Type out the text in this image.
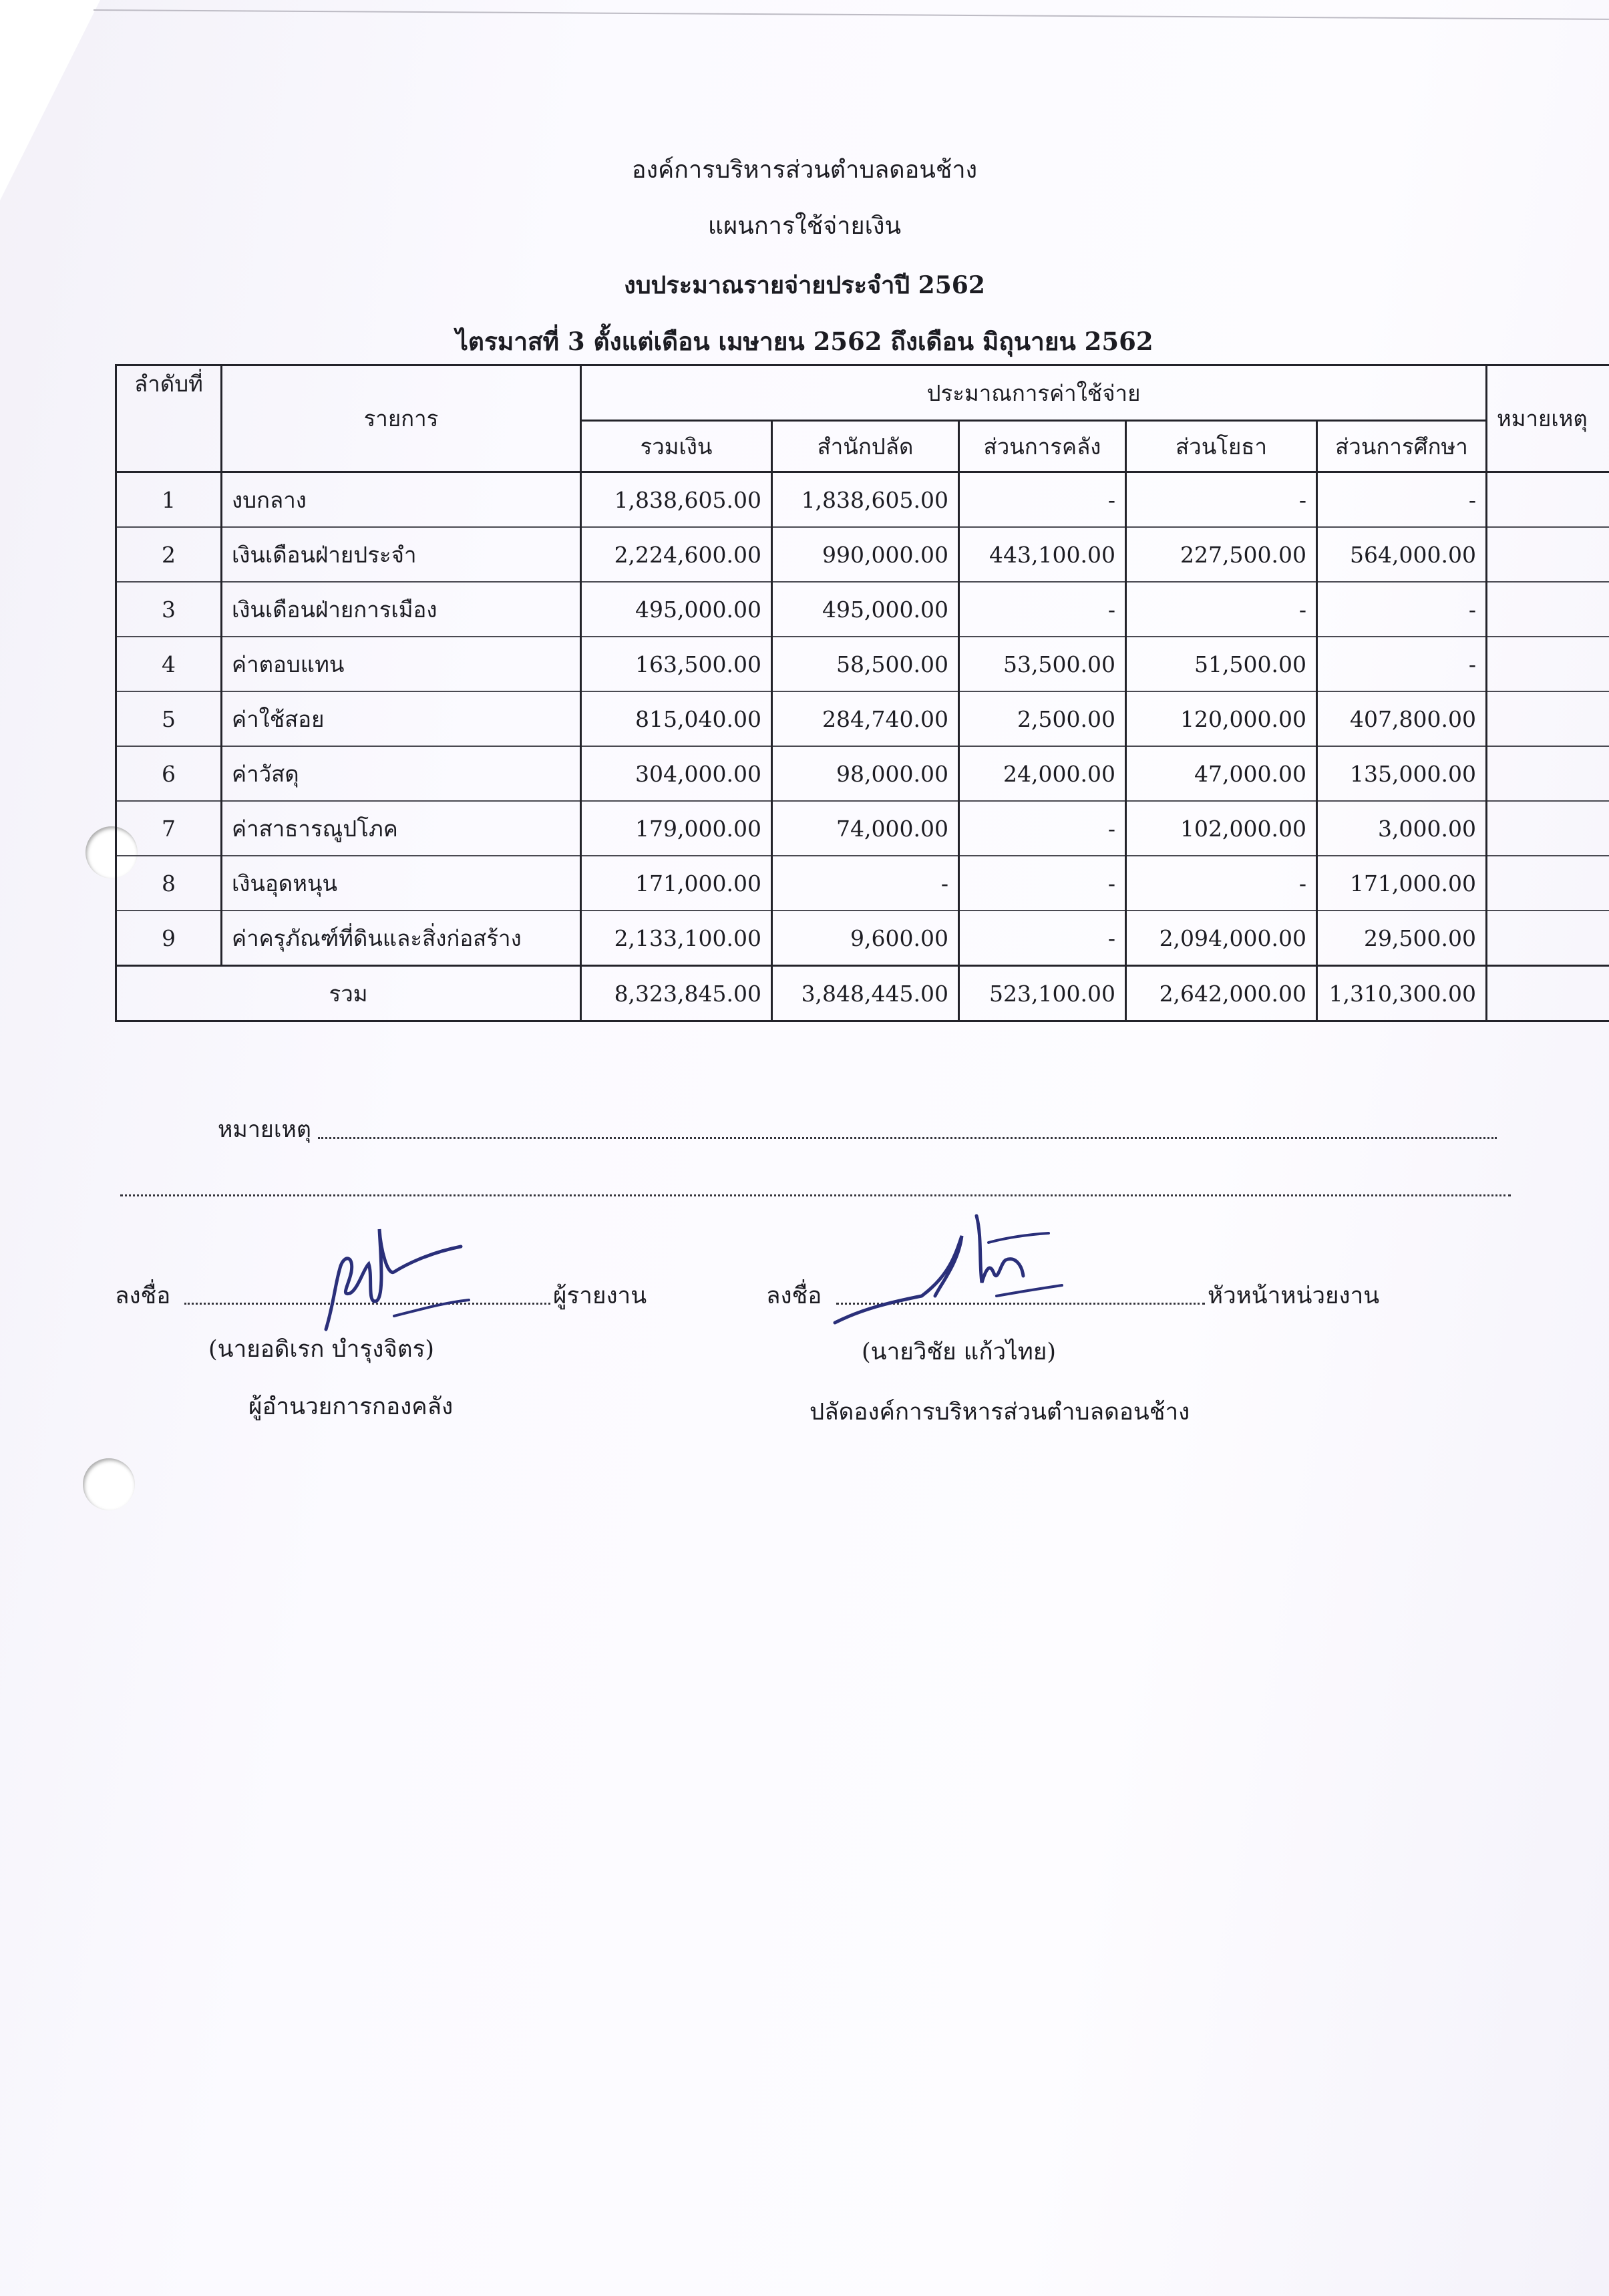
องค์การบริหารส่วนตำบลดอนช้าง
แผนการใช้จ่ายเงิน
งบประมาณรายจ่ายประจำปี 2562
ไตรมาสที่ 3 ตั้งแต่เดือน เมษายน 2562 ถึงเดือน มิถุนายน 2562
ลำดับที่	รายการ	ประมาณการค่าใช้จ่าย					หมายเหตุ
		รวมเงิน	สำนักปลัด	ส่วนการคลัง	ส่วนโยธา	ส่วนการศึกษา	
1	งบกลาง	1,838,605.00	1,838,605.00	-	-	-	
2	เงินเดือนฝ่ายประจำ	2,224,600.00	990,000.00	443,100.00	227,500.00	564,000.00	
3	เงินเดือนฝ่ายการเมือง	495,000.00	495,000.00	-	-	-	
4	ค่าตอบแทน	163,500.00	58,500.00	53,500.00	51,500.00	-	
5	ค่าใช้สอย	815,040.00	284,740.00	2,500.00	120,000.00	407,800.00	
6	ค่าวัสดุ	304,000.00	98,000.00	24,000.00	47,000.00	135,000.00	
7	ค่าสาธารณูปโภค	179,000.00	74,000.00	-	102,000.00	3,000.00	
8	เงินอุดหนุน	171,000.00	-	-	-	171,000.00	
9	ค่าครุภัณฑ์ที่ดินและสิ่งก่อสร้าง	2,133,100.00	9,600.00	-	2,094,000.00	29,500.00	
รวม		8,323,845.00	3,848,445.00	523,100.00	2,642,000.00	1,310,300.00	
หมายเหตุ
ลงชื่อ	ผู้รายงาน
(นายอดิเรก บำรุงจิตร)
ผู้อำนวยการกองคลัง
ลงชื่อ	หัวหน้าหน่วยงาน
(นายวิชัย แก้วไทย)
ปลัดองค์การบริหารส่วนตำบลดอนช้าง
